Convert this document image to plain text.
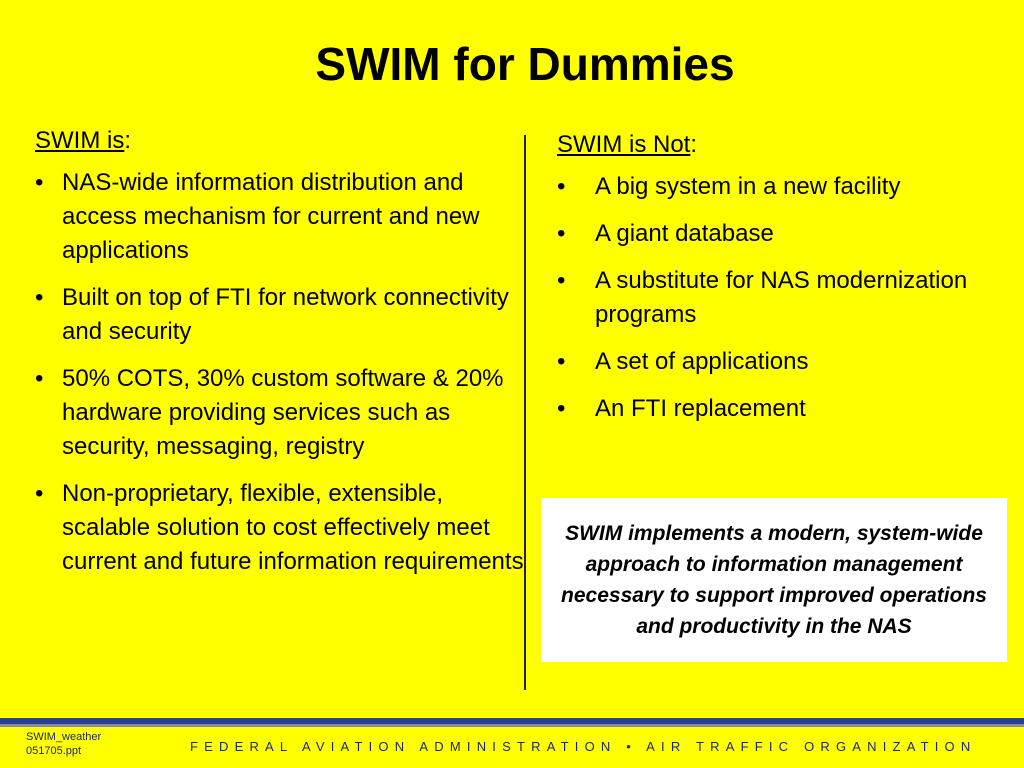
SWIM for Dummies

SWIM is:

• NAS-wide information distribution and access mechanism for current and new applications
• Built on top of FTI for network connectivity and security
• 50% COTS, 30% custom software & 20% hardware providing services such as security, messaging, registry
• Non-proprietary, flexible, extensible, scalable solution to cost effectively meet current and future information requirements

SWIM is Not:

• A big system in a new facility
• A giant database
• A substitute for NAS modernization programs
• A set of applications
• An FTI replacement

SWIM implements a modern, system-wide approach to information management necessary to support improved operations and productivity in the NAS

SWIM_weather
051705.ppt	FEDERAL AVIATION ADMINISTRATION • AIR TRAFFIC ORGANIZATION
